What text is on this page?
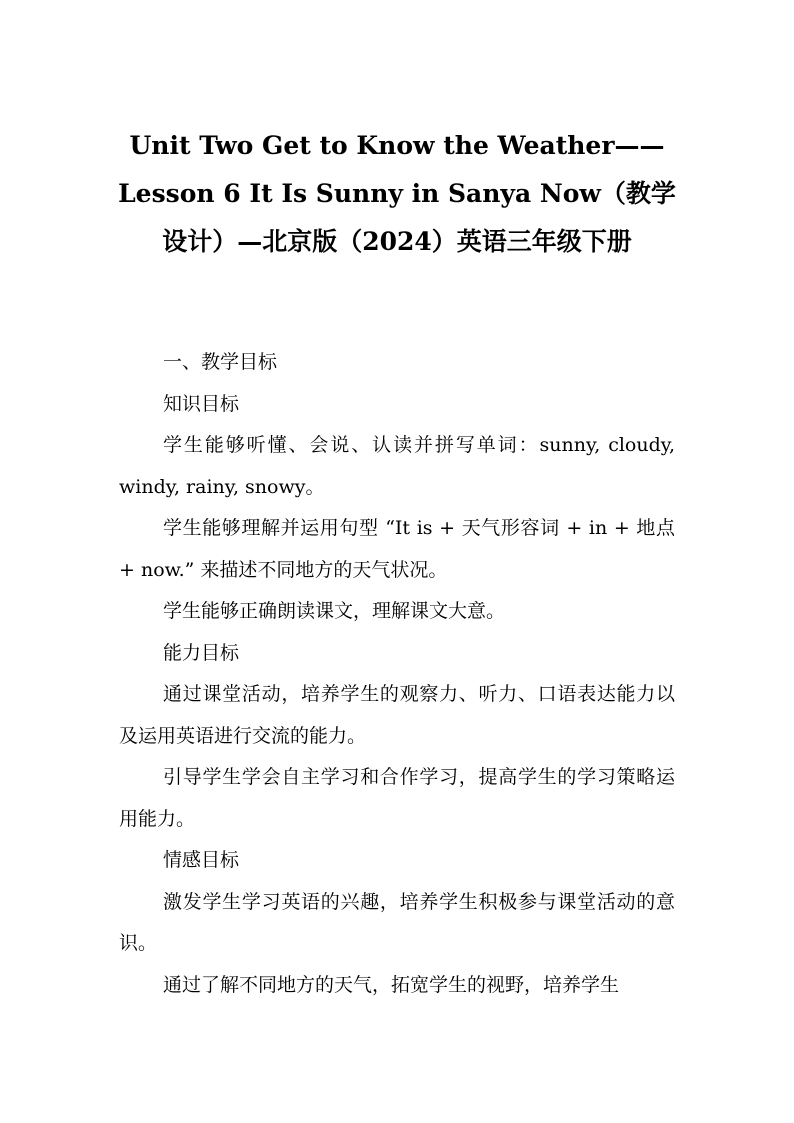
Unit Two Get to Know the Weather——Lesson 6 It Is Sunny in Sanya Now（教学设计）—北京版（2024）英语三年级下册

一、教学目标

知识目标

学生能够听懂、会说、认读并拼写单词：sunny, cloudy, windy, rainy, snowy。

学生能够理解并运用句型 “It is + 天气形容词 + in + 地点 + now.” 来描述不同地方的天气状况。

学生能够正确朗读课文，理解课文大意。

能力目标

通过课堂活动，培养学生的观察力、听力、口语表达能力以及运用英语进行交流的能力。

引导学生学会自主学习和合作学习，提高学生的学习策略运用能力。

情感目标

激发学生学习英语的兴趣，培养学生积极参与课堂活动的意识。

通过了解不同地方的天气，拓宽学生的视野，培养学生
